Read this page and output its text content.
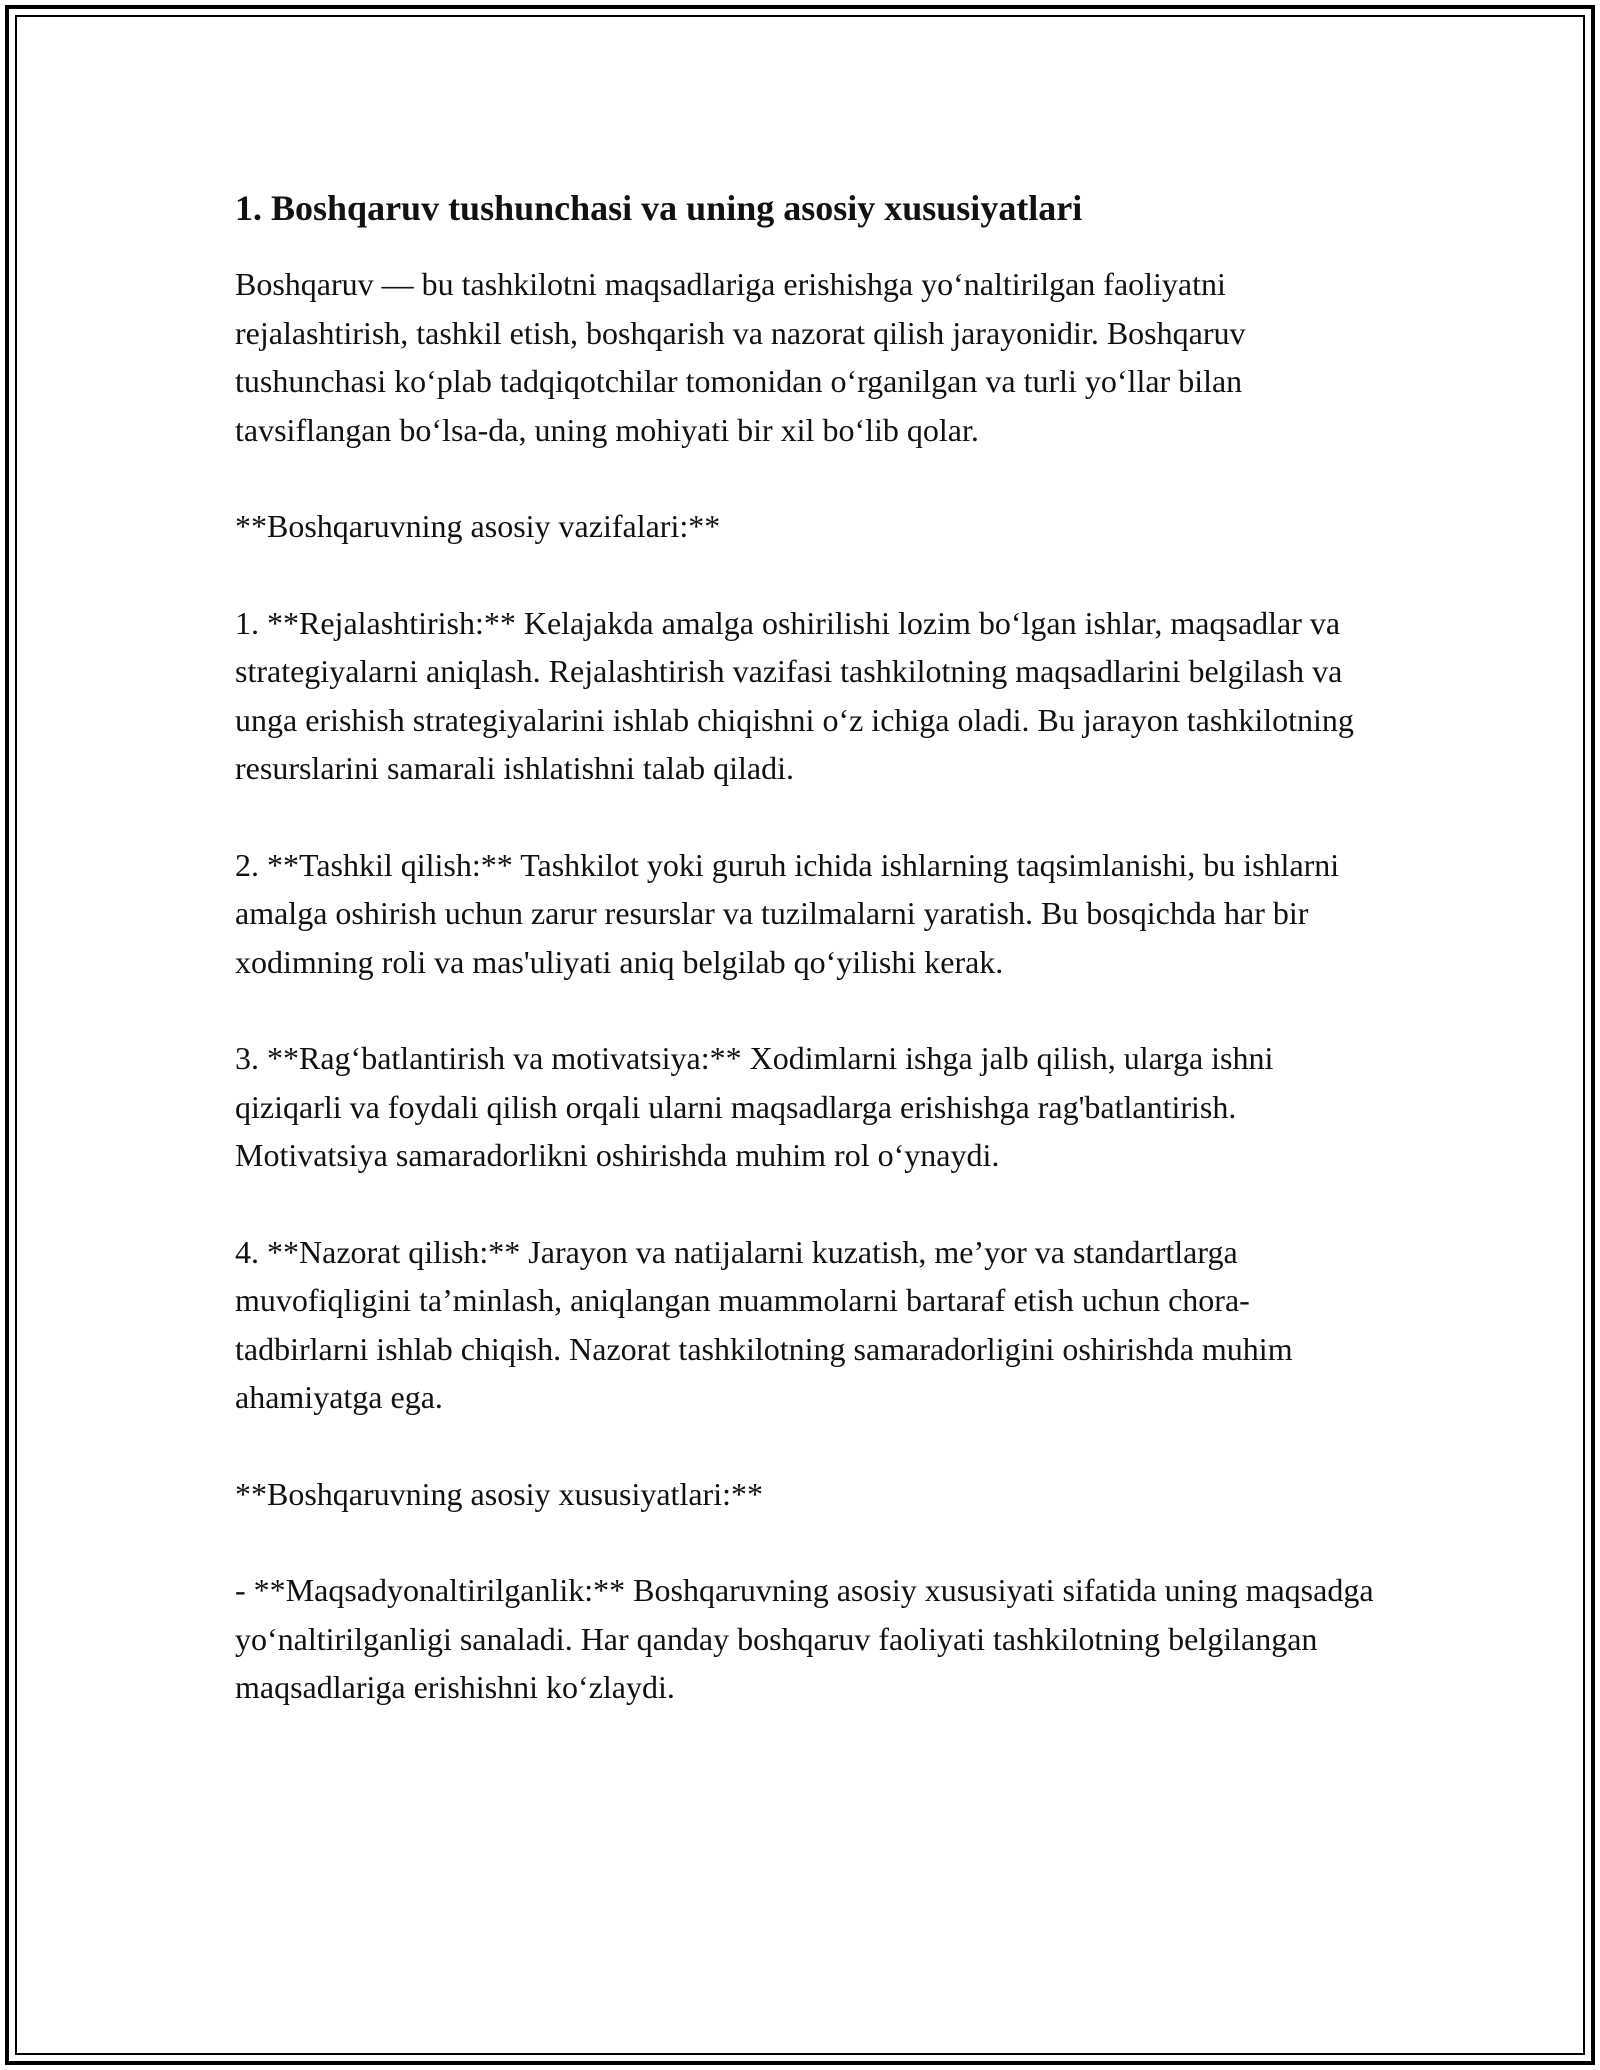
1. Boshqaruv tushunchasi va uning asosiy xususiyatlari

Boshqaruv — bu tashkilotni maqsadlariga erishishga yo‘naltirilgan faoliyatni rejalashtirish, tashkil etish, boshqarish va nazorat qilish jarayonidir. Boshqaruv tushunchasi ko‘plab tadqiqotchilar tomonidan o‘rganilgan va turli yo‘llar bilan tavsiflangan bo‘lsa-da, uning mohiyati bir xil bo‘lib qolar.

**Boshqaruvning asosiy vazifalari:**

1. **Rejalashtirish:** Kelajakda amalga oshirilishi lozim bo‘lgan ishlar, maqsadlar va strategiyalarni aniqlash. Rejalashtirish vazifasi tashkilotning maqsadlarini belgilash va unga erishish strategiyalarini ishlab chiqishni o‘z ichiga oladi. Bu jarayon tashkilotning resurslarini samarali ishlatishni talab qiladi.

2. **Tashkil qilish:** Tashkilot yoki guruh ichida ishlarning taqsimlanishi, bu ishlarni amalga oshirish uchun zarur resurslar va tuzilmalarni yaratish. Bu bosqichda har bir xodimning roli va mas'uliyati aniq belgilab qo‘yilishi kerak.

3. **Rag‘batlantirish va motivatsiya:** Xodimlarni ishga jalb qilish, ularga ishni qiziqarli va foydali qilish orqali ularni maqsadlarga erishishga rag'batlantirish. Motivatsiya samaradorlikni oshirishda muhim rol o‘ynaydi.

4. **Nazorat qilish:** Jarayon va natijalarni kuzatish, me’yor va standartlarga muvofiqligini ta’minlash, aniqlangan muammolarni bartaraf etish uchun chora-tadbirlarni ishlab chiqish. Nazorat tashkilotning samaradorligini oshirishda muhim ahamiyatga ega.

**Boshqaruvning asosiy xususiyatlari:**

- **Maqsadyonaltirilganlik:** Boshqaruvning asosiy xususiyati sifatida uning maqsadga yo‘naltirilganligi sanaladi. Har qanday boshqaruv faoliyati tashkilotning belgilangan maqsadlariga erishishni ko‘zlaydi.
